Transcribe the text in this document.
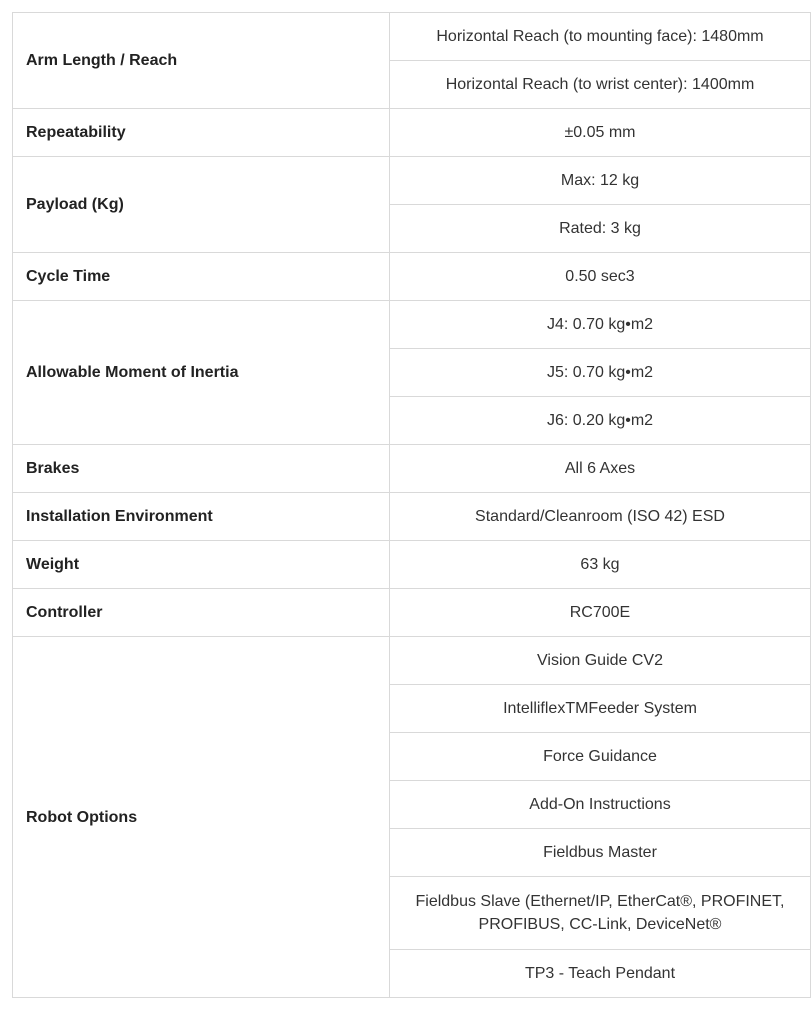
Arm Length / Reach	Horizontal Reach (to mounting face): 1480mm
	Horizontal Reach (to wrist center): 1400mm
Repeatability	±0.05 mm
Payload (Kg)	Max: 12 kg
	Rated: 3 kg
Cycle Time	0.50 sec3
Allowable Moment of Inertia	J4: 0.70 kg•m2
	J5: 0.70 kg•m2
	J6: 0.20 kg•m2
Brakes	All 6 Axes
Installation Environment	Standard/Cleanroom (ISO 42) ESD
Weight	63 kg
Controller	RC700E
Robot Options	Vision Guide CV2
	IntelliflexTMFeeder System
	Force Guidance
	Add-On Instructions
	Fieldbus Master
	Fieldbus Slave (Ethernet/IP, EtherCat®, PROFINET, PROFIBUS, CC-Link, DeviceNet®
	TP3 - Teach Pendant
